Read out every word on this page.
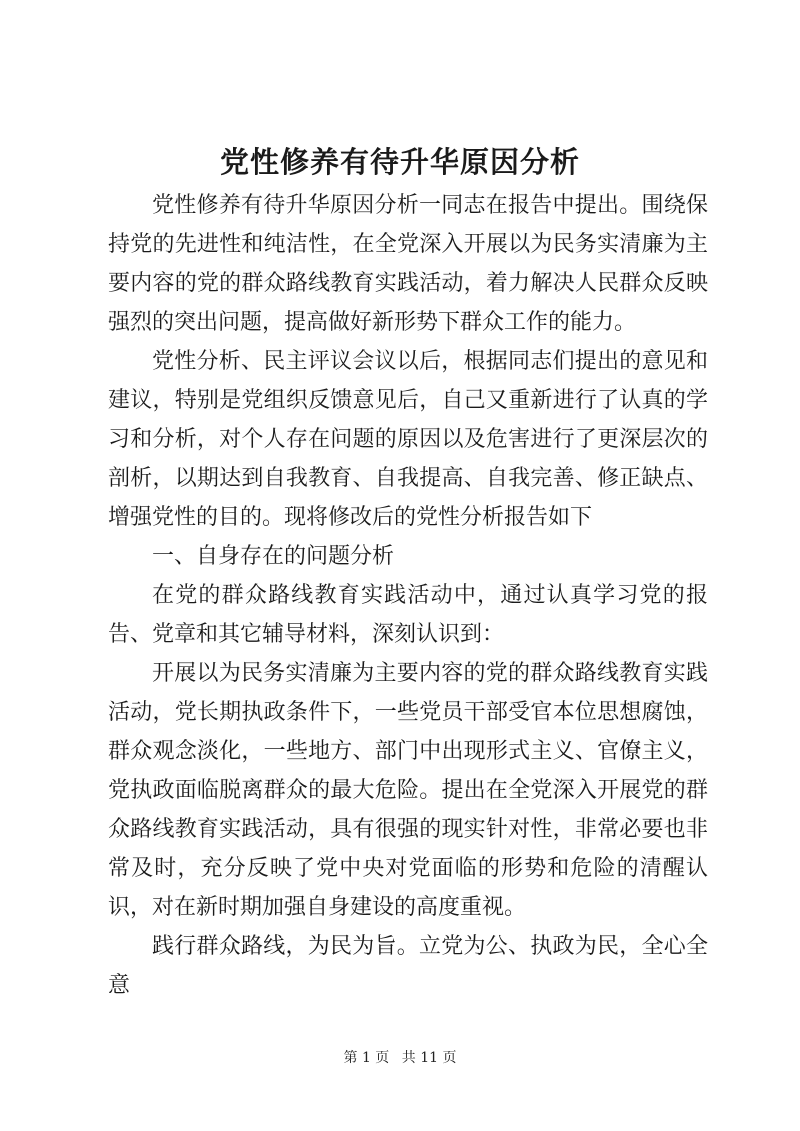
党性修养有待升华原因分析

党性修养有待升华原因分析一同志在报告中提出。围绕保持党的先进性和纯洁性，在全党深入开展以为民务实清廉为主要内容的党的群众路线教育实践活动，着力解决人民群众反映强烈的突出问题，提高做好新形势下群众工作的能力。

党性分析、民主评议会议以后，根据同志们提出的意见和建议，特别是党组织反馈意见后，自己又重新进行了认真的学习和分析，对个人存在问题的原因以及危害进行了更深层次的剖析，以期达到自我教育、自我提高、自我完善、修正缺点、增强党性的目的。现将修改后的党性分析报告如下

一、自身存在的问题分析

在党的群众路线教育实践活动中，通过认真学习党的报告、党章和其它辅导材料，深刻认识到：

开展以为民务实清廉为主要内容的党的群众路线教育实践活动，党长期执政条件下，一些党员干部受官本位思想腐蚀，群众观念淡化，一些地方、部门中出现形式主义、官僚主义，党执政面临脱离群众的最大危险。提出在全党深入开展党的群众路线教育实践活动，具有很强的现实针对性，非常必要也非常及时，充分反映了党中央对党面临的形势和危险的清醒认识，对在新时期加强自身建设的高度重视。

践行群众路线，为民为旨。立党为公、执政为民，全心全意

第 1 页 共 11 页
